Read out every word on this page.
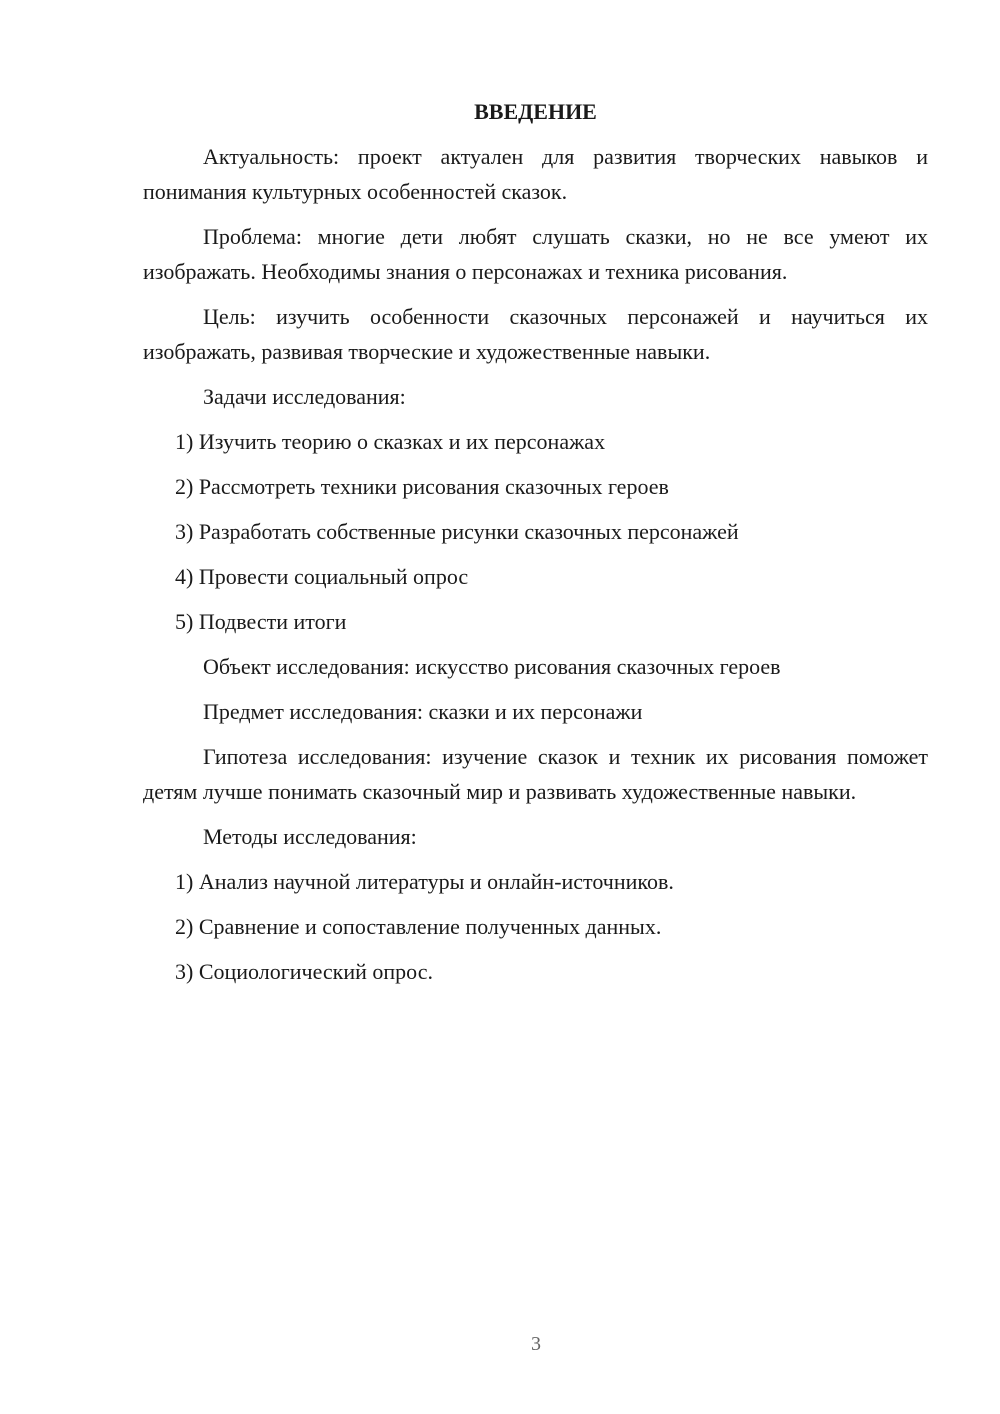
ВВЕДЕНИЕ

Актуальность: проект актуален для развития творческих навыков и понимания культурных особенностей сказок.

Проблема: многие дети любят слушать сказки, но не все умеют их изображать. Необходимы знания о персонажах и техника рисования.

Цель: изучить особенности сказочных персонажей и научиться их изображать, развивая творческие и художественные навыки.

Задачи исследования:

1) Изучить теорию о сказках и их персонажах
2) Рассмотреть техники рисования сказочных героев
3) Разработать собственные рисунки сказочных персонажей
4) Провести социальный опрос
5) Подвести итоги

Объект исследования: искусство рисования сказочных героев

Предмет исследования: сказки и их персонажи

Гипотеза исследования: изучение сказок и техник их рисования поможет детям лучше понимать сказочный мир и развивать художественные навыки.

Методы исследования:

1) Анализ научной литературы и онлайн-источников.
2) Сравнение и сопоставление полученных данных.
3) Социологический опрос.
3
